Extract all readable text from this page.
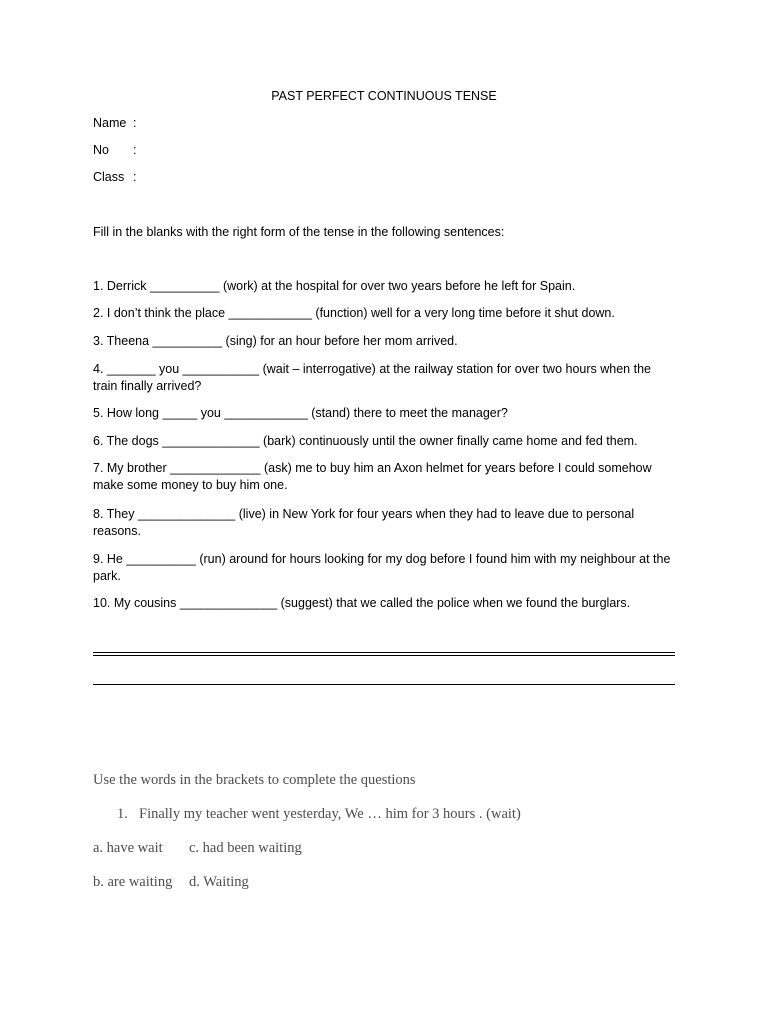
PAST PERFECT CONTINUOUS TENSE
Name :
No :
Class :
Fill in the blanks with the right form of the tense in the following sentences:
1. Derrick __________ (work) at the hospital for over two years before he left for Spain.
2. I don’t think the place ____________ (function) well for a very long time before it shut down.
3. Theena __________ (sing) for an hour before her mom arrived.
4. _______ you ___________ (wait – interrogative) at the railway station for over two hours when the train finally arrived?
5. How long _____ you ____________ (stand) there to meet the manager?
6. The dogs ______________ (bark) continuously until the owner finally came home and fed them.
7. My brother _____________ (ask) me to buy him an Axon helmet for years before I could somehow make some money to buy him one.
8. They ______________ (live) in New York for four years when they had to leave due to personal reasons.
9. He __________ (run) around for hours looking for my dog before I found him with my neighbour at the park.
10. My cousins ______________ (suggest) that we called the police when we found the burglars.
Use the words in the brackets to complete the questions
1. Finally my teacher went yesterday, We … him for 3 hours . (wait)
a. have wait c. had been waiting
b. are waiting d. Waiting
